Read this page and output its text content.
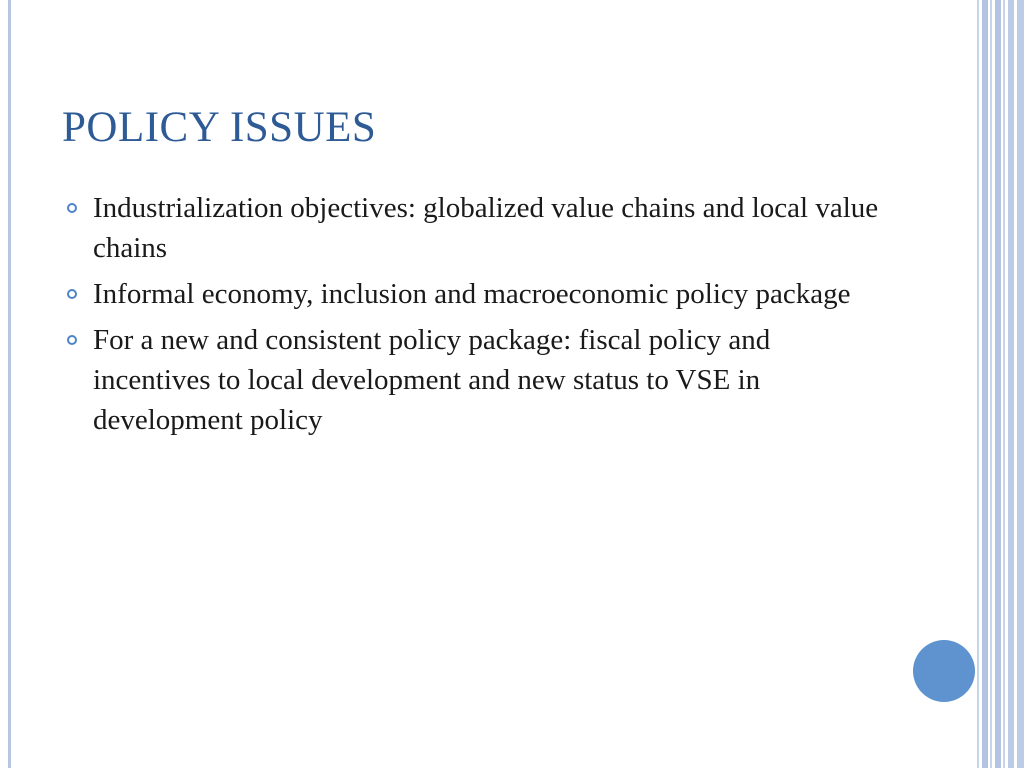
POLICY ISSUES
Industrialization objectives: globalized value chains and local value chains
Informal economy, inclusion and macroeconomic policy package
For a new and consistent policy package: fiscal policy and incentives to local development and new status to VSE in development policy
